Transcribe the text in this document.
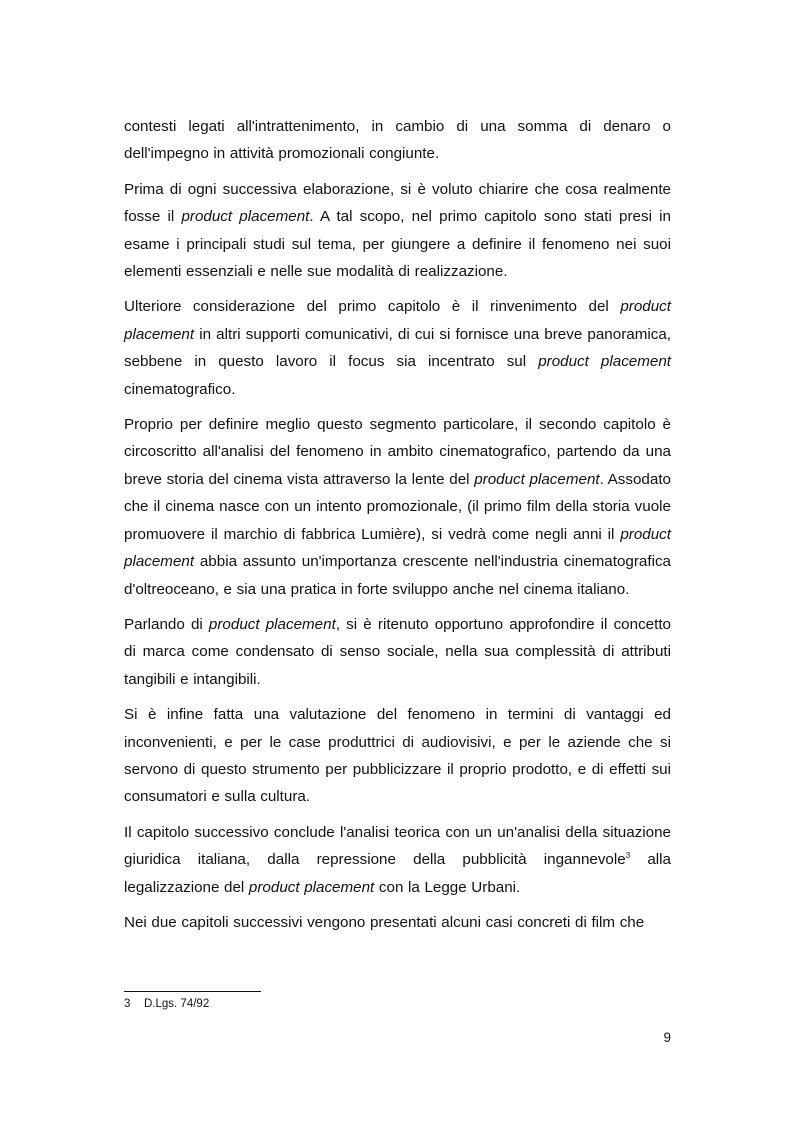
contesti legati all'intrattenimento, in cambio di una somma di denaro o dell'impegno in attività promozionali congiunte.

Prima di ogni successiva elaborazione, si è voluto chiarire che cosa realmente fosse il product placement. A tal scopo, nel primo capitolo sono stati presi in esame i principali studi sul tema, per giungere a definire il fenomeno nei suoi elementi essenziali e nelle sue modalità di realizzazione.

Ulteriore considerazione del primo capitolo è il rinvenimento del product placement in altri supporti comunicativi, di cui si fornisce una breve panoramica, sebbene in questo lavoro il focus sia incentrato sul product placement cinematografico.

Proprio per definire meglio questo segmento particolare, il secondo capitolo è circoscritto all'analisi del fenomeno in ambito cinematografico, partendo da una breve storia del cinema vista attraverso la lente del product placement. Assodato che il cinema nasce con un intento promozionale, (il primo film della storia vuole promuovere il marchio di fabbrica Lumière), si vedrà come negli anni il product placement abbia assunto un'importanza crescente nell'industria cinematografica d'oltreoceano, e sia una pratica in forte sviluppo anche nel cinema italiano.

Parlando di product placement, si è ritenuto opportuno approfondire il concetto di marca come condensato di senso sociale, nella sua complessità di attributi tangibili e intangibili.

Si è infine fatta una valutazione del fenomeno in termini di vantaggi ed inconvenienti, e per le case produttrici di audiovisivi, e per le aziende che si servono di questo strumento per pubblicizzare il proprio prodotto, e di effetti sui consumatori e sulla cultura.

Il capitolo successivo conclude l'analisi teorica con un un'analisi della situazione giuridica italiana, dalla repressione della pubblicità ingannevole$^3$ alla legalizzazione del product placement con la Legge Urbani.

Nei due capitoli successivi vengono presentati alcuni casi concreti di film che

3 D.Lgs. 74/92
9
